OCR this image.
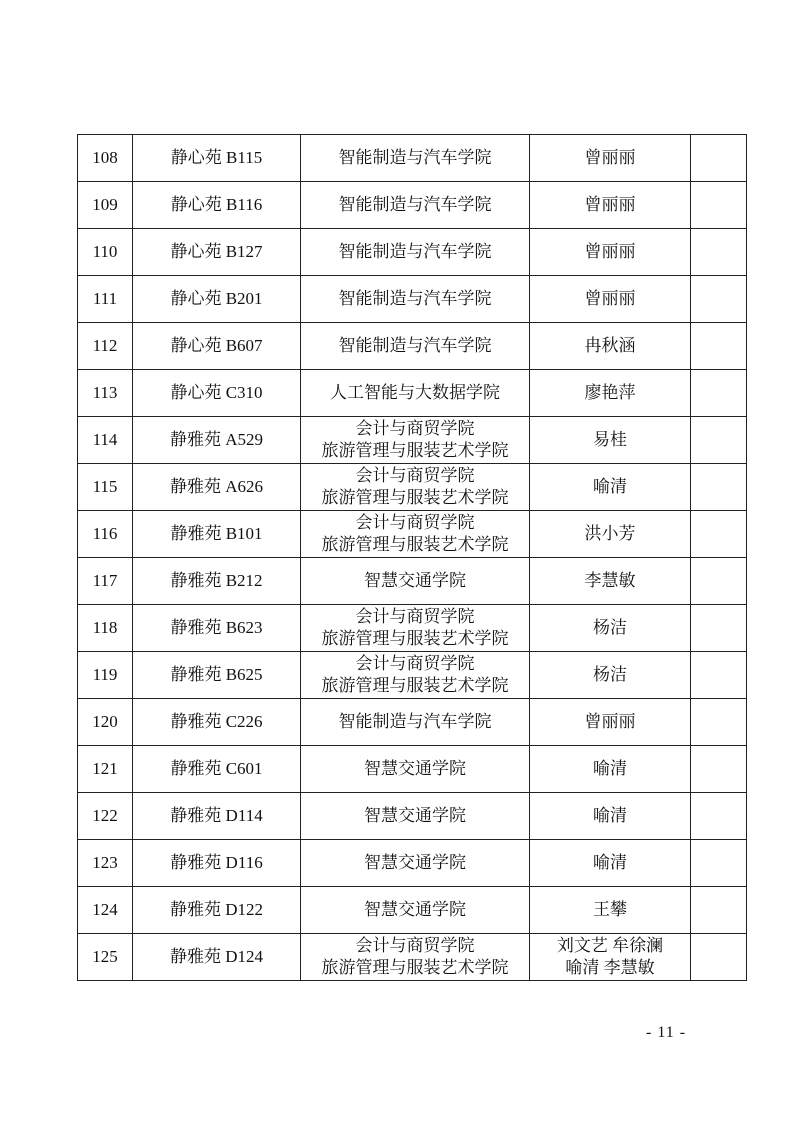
108	静心苑 B115	智能制造与汽车学院	曾丽丽	

109	静心苑 B116	智能制造与汽车学院	曾丽丽	

110	静心苑 B127	智能制造与汽车学院	曾丽丽	

111	静心苑 B201	智能制造与汽车学院	曾丽丽	

112	静心苑 B607	智能制造与汽车学院	冉秋涵	

113	静心苑 C310	人工智能与大数据学院	廖艳萍	

114	静雅苑 A529	会计与商贸学院
旅游管理与服装艺术学院	易桂	

115	静雅苑 A626	会计与商贸学院
旅游管理与服装艺术学院	喻清	

116	静雅苑 B101	会计与商贸学院
旅游管理与服装艺术学院	洪小芳	

117	静雅苑 B212	智慧交通学院	李慧敏	

118	静雅苑 B623	会计与商贸学院
旅游管理与服装艺术学院	杨洁	

119	静雅苑 B625	会计与商贸学院
旅游管理与服装艺术学院	杨洁	

120	静雅苑 C226	智能制造与汽车学院	曾丽丽	

121	静雅苑 C601	智慧交通学院	喻清	

122	静雅苑 D114	智慧交通学院	喻清	

123	静雅苑 D116	智慧交通学院	喻清	

124	静雅苑 D122	智慧交通学院	王攀	

125	静雅苑 D124	会计与商贸学院
旅游管理与服装艺术学院	刘文艺 牟徐澜
喻清 李慧敏	

- 11 -
